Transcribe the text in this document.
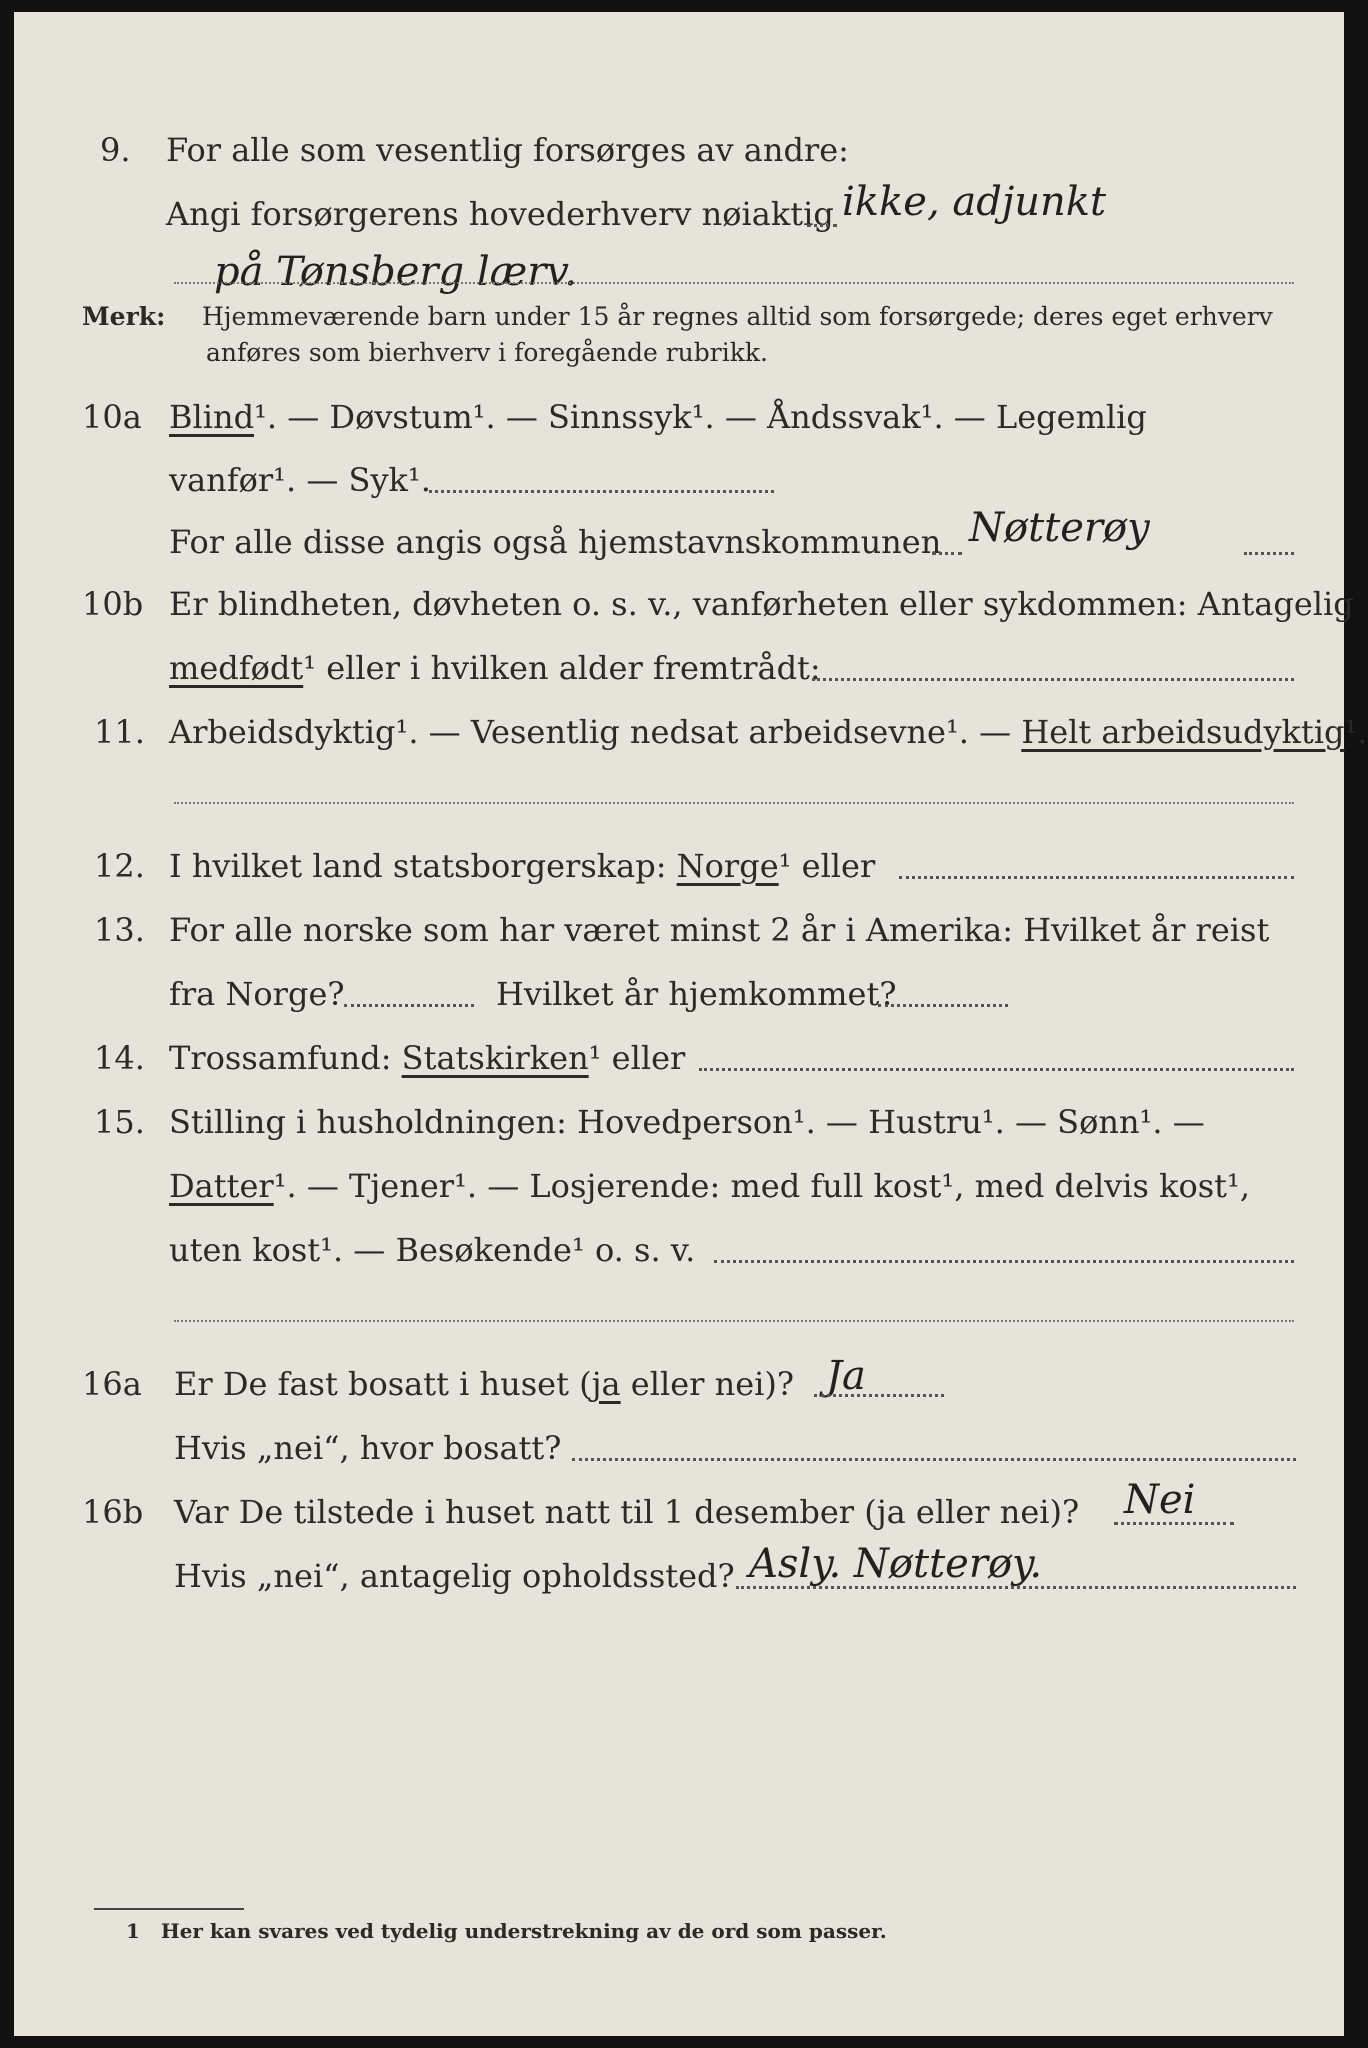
9. For alle som vesentlig forsørges av andre:
Angi forsørgerens hovederhverv nøiaktig ikke, adjunkt
på Tønsberg lærv.
Merk: Hjemmeværende barn under 15 år regnes alltid som forsørgede; deres eget erhverv
anføres som bierhverv i foregående rubrikk.
10a Blind¹. — Døvstum¹. — Sinnssyk¹. — Åndssvak¹. — Legemlig
vanfør¹. — Syk¹.
For alle disse angis også hjemstavnskommunen Nøtterøy
10b Er blindheten, døvheten o. s. v., vanførheten eller sykdommen: Antagelig
medfødt¹ eller i hvilken alder fremtrådt:
11. Arbeidsdyktig¹. — Vesentlig nedsat arbeidsevne¹. — Helt arbeidsudyktig¹.
12. I hvilket land statsborgerskap: Norge¹ eller
13. For alle norske som har været minst 2 år i Amerika: Hvilket år reist
fra Norge?	Hvilket år hjemkommet?
14. Trossamfund: Statskirken¹ eller
15. Stilling i husholdningen: Hovedperson¹. — Hustru¹. — Sønn¹. —
Datter¹. — Tjener¹. — Losjerende: med full kost¹, med delvis kost¹,
uten kost¹. — Besøkende¹ o. s. v.
16a Er De fast bosatt i huset (ja eller nei)? Ja
Hvis „nei“, hvor bosatt?
16b Var De tilstede i huset natt til 1 desember (ja eller nei)? Nei
Hvis „nei“, antagelig opholdssted? Asly. Nøtterøy.
1 Her kan svares ved tydelig understrekning av de ord som passer.
